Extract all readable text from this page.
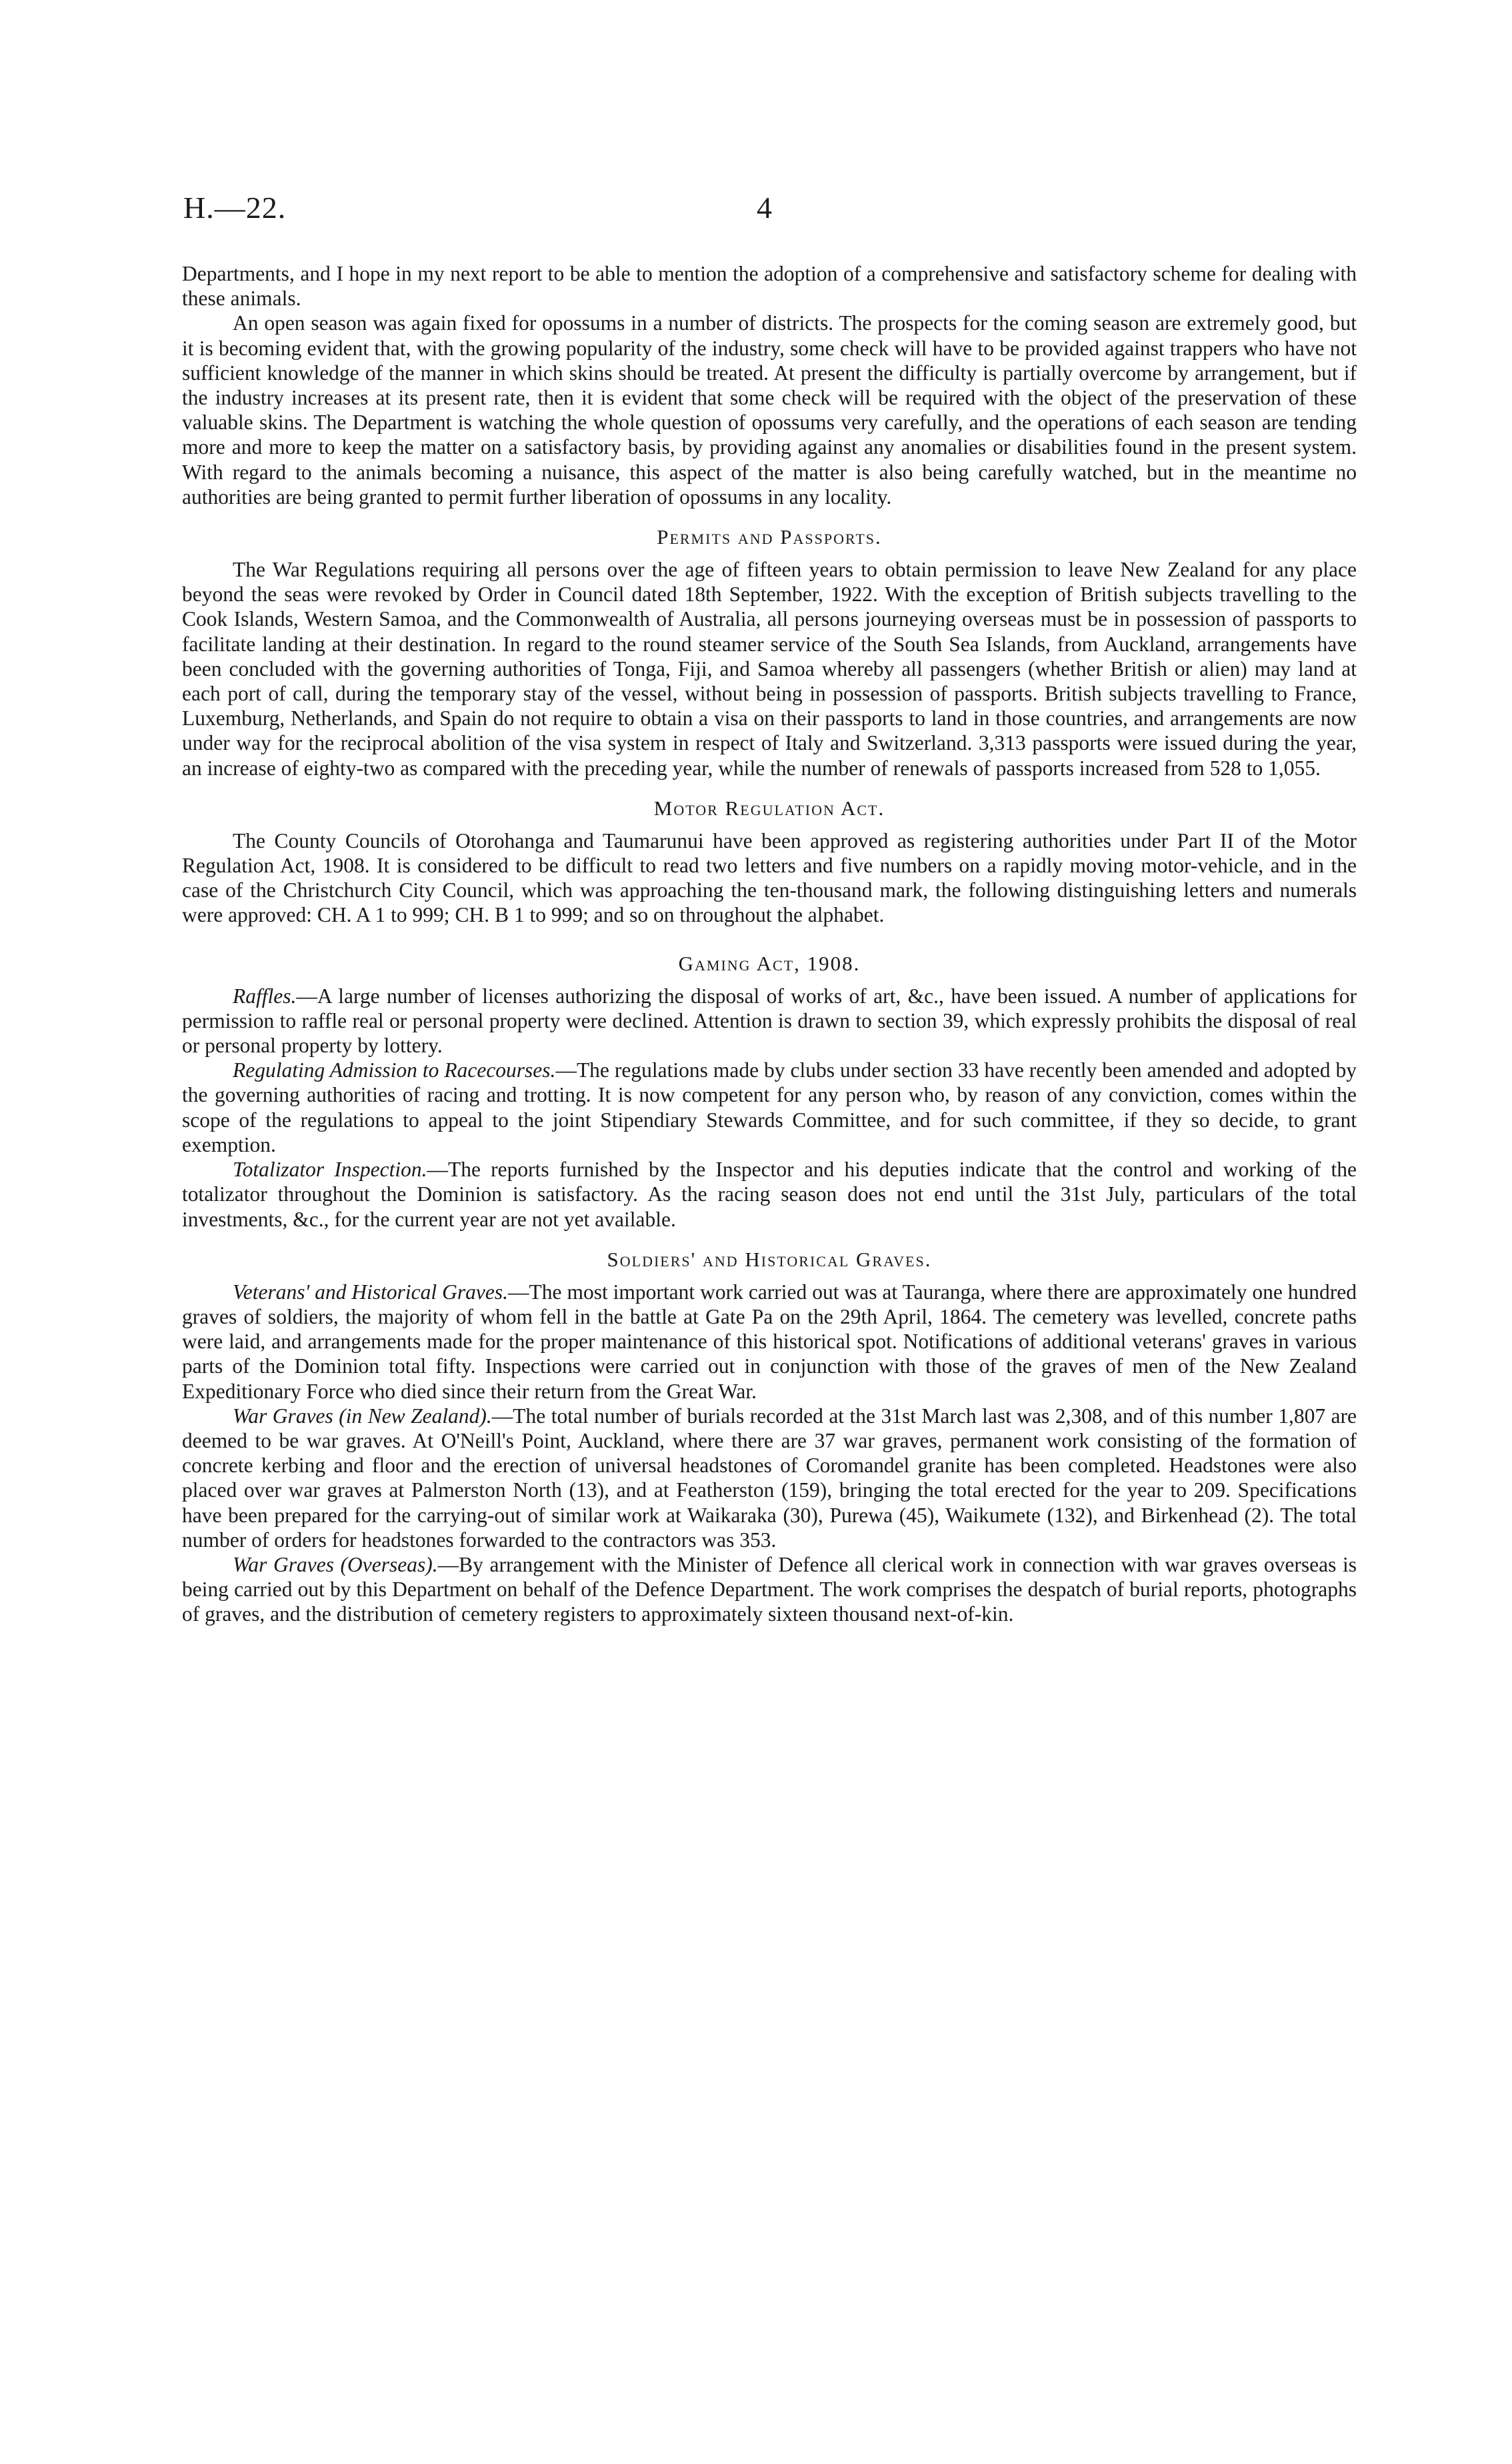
H.—22.	4

Departments, and I hope in my next report to be able to mention the adoption of a comprehensive and satisfactory scheme for dealing with these animals.

An open season was again fixed for opossums in a number of districts. The prospects for the coming season are extremely good, but it is becoming evident that, with the growing popularity of the industry, some check will have to be provided against trappers who have not sufficient knowledge of the manner in which skins should be treated. At present the difficulty is partially overcome by arrangement, but if the industry increases at its present rate, then it is evident that some check will be required with the object of the preservation of these valuable skins. The Department is watching the whole question of opossums very carefully, and the operations of each season are tending more and more to keep the matter on a satisfactory basis, by providing against any anomalies or disabilities found in the present system. With regard to the animals becoming a nuisance, this aspect of the matter is also being carefully watched, but in the meantime no authorities are being granted to permit further liberation of opossums in any locality.

Permits and Passports.

The War Regulations requiring all persons over the age of fifteen years to obtain permission to leave New Zealand for any place beyond the seas were revoked by Order in Council dated 18th September, 1922. With the exception of British subjects travelling to the Cook Islands, Western Samoa, and the Commonwealth of Australia, all persons journeying overseas must be in possession of passports to facilitate landing at their destination. In regard to the round steamer service of the South Sea Islands, from Auckland, arrangements have been concluded with the governing authorities of Tonga, Fiji, and Samoa whereby all passengers (whether British or alien) may land at each port of call, during the temporary stay of the vessel, without being in possession of passports. British subjects travelling to France, Luxemburg, Netherlands, and Spain do not require to obtain a visa on their passports to land in those countries, and arrangements are now under way for the reciprocal abolition of the visa system in respect of Italy and Switzerland. 3,313 passports were issued during the year, an increase of eighty-two as compared with the preceding year, while the number of renewals of passports increased from 528 to 1,055.

Motor Regulation Act.

The County Councils of Otorohanga and Taumarunui have been approved as registering authorities under Part II of the Motor Regulation Act, 1908. It is considered to be difficult to read two letters and five numbers on a rapidly moving motor-vehicle, and in the case of the Christchurch City Council, which was approaching the ten-thousand mark, the following distinguishing letters and numerals were approved: CH. A 1 to 999; CH. B 1 to 999; and so on throughout the alphabet.

Gaming Act, 1908.

Raffles.—A large number of licenses authorizing the disposal of works of art, &c., have been issued. A number of applications for permission to raffle real or personal property were declined. Attention is drawn to section 39, which expressly prohibits the disposal of real or personal property by lottery.

Regulating Admission to Racecourses.—The regulations made by clubs under section 33 have recently been amended and adopted by the governing authorities of racing and trotting. It is now competent for any person who, by reason of any conviction, comes within the scope of the regulations to appeal to the joint Stipendiary Stewards Committee, and for such committee, if they so decide, to grant exemption.

Totalizator Inspection.—The reports furnished by the Inspector and his deputies indicate that the control and working of the totalizator throughout the Dominion is satisfactory. As the racing season does not end until the 31st July, particulars of the total investments, &c., for the current year are not yet available.

Soldiers' and Historical Graves.

Veterans' and Historical Graves.—The most important work carried out was at Tauranga, where there are approximately one hundred graves of soldiers, the majority of whom fell in the battle at Gate Pa on the 29th April, 1864. The cemetery was levelled, concrete paths were laid, and arrangements made for the proper maintenance of this historical spot. Notifications of additional veterans' graves in various parts of the Dominion total fifty. Inspections were carried out in conjunction with those of the graves of men of the New Zealand Expeditionary Force who died since their return from the Great War.

War Graves (in New Zealand).—The total number of burials recorded at the 31st March last was 2,308, and of this number 1,807 are deemed to be war graves. At O'Neill's Point, Auckland, where there are 37 war graves, permanent work consisting of the formation of concrete kerbing and floor and the erection of universal headstones of Coromandel granite has been completed. Headstones were also placed over war graves at Palmerston North (13), and at Featherston (159), bringing the total erected for the year to 209. Specifications have been prepared for the carrying-out of similar work at Waikaraka (30), Purewa (45), Waikumete (132), and Birkenhead (2). The total number of orders for headstones forwarded to the contractors was 353.

War Graves (Overseas).—By arrangement with the Minister of Defence all clerical work in connection with war graves overseas is being carried out by this Department on behalf of the Defence Department. The work comprises the despatch of burial reports, photographs of graves, and the distribution of cemetery registers to approximately sixteen thousand next-of-kin.
